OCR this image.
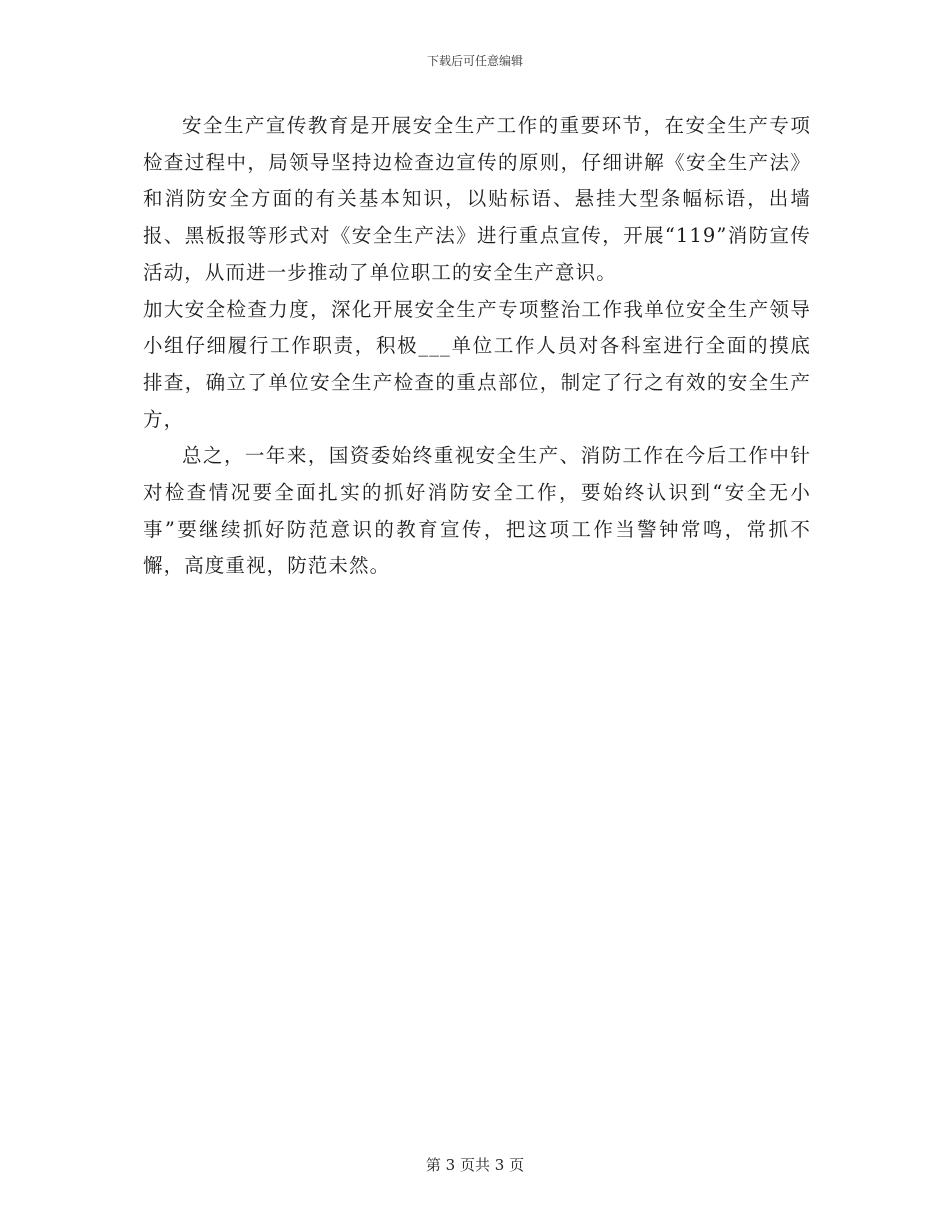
下载后可任意编辑

安全生产宣传教育是开展安全生产工作的重要环节，在安全生产专项检查过程中，局领导坚持边检查边宣传的原则，仔细讲解《安全生产法》和消防安全方面的有关基本知识，以贴标语、悬挂大型条幅标语，出墙报、黑板报等形式对《安全生产法》进行重点宣传，开展“119”消防宣传活动，从而进一步推动了单位职工的安全生产意识。

加大安全检查力度，深化开展安全生产专项整治工作我单位安全生产领导小组仔细履行工作职责，积极___单位工作人员对各科室进行全面的摸底排查，确立了单位安全生产检查的重点部位，制定了行之有效的安全生产方，

总之，一年来，国资委始终重视安全生产、消防工作在今后工作中针对检查情况要全面扎实的抓好消防安全工作，要始终认识到“安全无小事”要继续抓好防范意识的教育宣传，把这项工作当警钟常鸣，常抓不懈，高度重视，防范未然。

第 3 页共 3 页
